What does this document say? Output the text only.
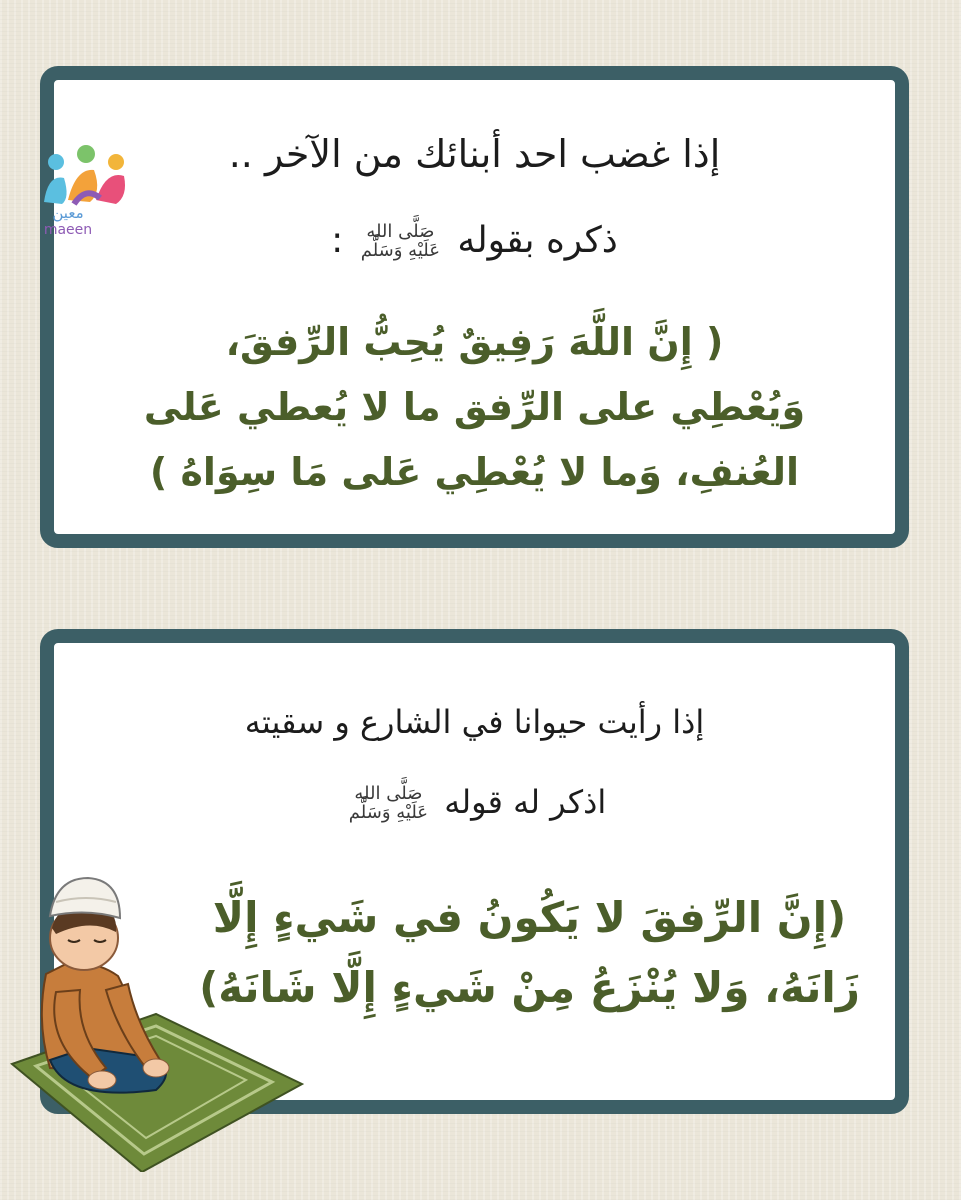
إذا غضب احد أبنائك من الآخر ..
ذكره بقوله صَلَّى الله
عَلَيْهِ وَسَلَّم :
( إِنَّ اللَّهَ رَفِيقٌ يُحِبُّ الرِّفقَ،
وَيُعْطِي على الرِّفق ما لا يُعطي عَلى
العُنفِ، وَما لا يُعْطِي عَلى مَا سِوَاهُ )
معين
maeen
إذا رأيت حيوانا في الشارع و سقيته
اذكر له قوله صَلَّى الله
عَلَيْهِ وَسَلَّم
(إِنَّ الرِّفقَ لا يَكُونُ في شَيءٍ إِلَّا
زَانَهُ، وَلا يُنْزَعُ مِنْ شَيءٍ إِلَّا شَانَهُ)
